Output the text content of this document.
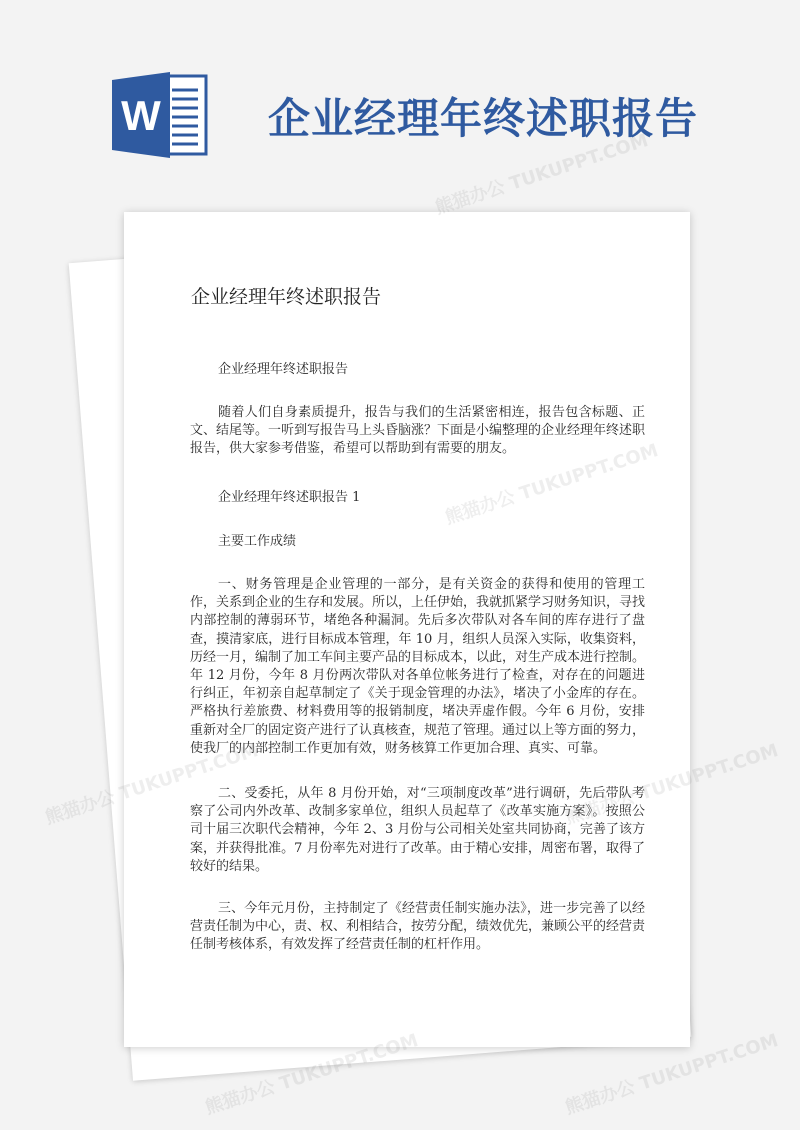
W	企业经理年终述职报告
企业经理年终述职报告
企业经理年终述职报告
随着人们自身素质提升，报告与我们的生活紧密相连，报告包含标题、正文、结尾等。一听到写报告马上头昏脑涨？下面是小编整理的企业经理年终述职报告，供大家参考借鉴，希望可以帮助到有需要的朋友。
企业经理年终述职报告 1
主要工作成绩
一、财务管理是企业管理的一部分，是有关资金的获得和使用的管理工作，关系到企业的生存和发展。所以，上任伊始，我就抓紧学习财务知识，寻找内部控制的薄弱环节，堵绝各种漏洞。先后多次带队对各车间的库存进行了盘查，摸清家底，进行目标成本管理，年 10 月，组织人员深入实际，收集资料，历经一月，编制了加工车间主要产品的目标成本，以此，对生产成本进行控制。年 12 月份，今年 8 月份两次带队对各单位帐务进行了检查，对存在的问题进行纠正，年初亲自起草制定了《关于现金管理的办法》，堵决了小金库的存在。严格执行差旅费、材料费用等的报销制度，堵决弄虚作假。今年 6 月份，安排重新对全厂的固定资产进行了认真核查，规范了管理。通过以上等方面的努力，使我厂的内部控制工作更加有效，财务核算工作更加合理、真实、可靠。
二、受委托，从年 8 月份开始，对“三项制度改革”进行调研，先后带队考察了公司内外改革、改制多家单位，组织人员起草了《改革实施方案》。按照公司十届三次职代会精神，今年 2、3 月份与公司相关处室共同协商，完善了该方案，并获得批准。7 月份率先对进行了改革。由于精心安排，周密布署，取得了较好的结果。
三、今年元月份，主持制定了《经营责任制实施办法》，进一步完善了以经营责任制为中心，责、权、利相结合，按劳分配，绩效优先，兼顾公平的经营责任制考核体系，有效发挥了经营责任制的杠杆作用。
熊猫办公 TUKUPPT.COM
熊猫办公
TUKUPPT.COM
熊猫办公 TUKUPPT.COM	熊猫办公 TUKUPPT.COM
